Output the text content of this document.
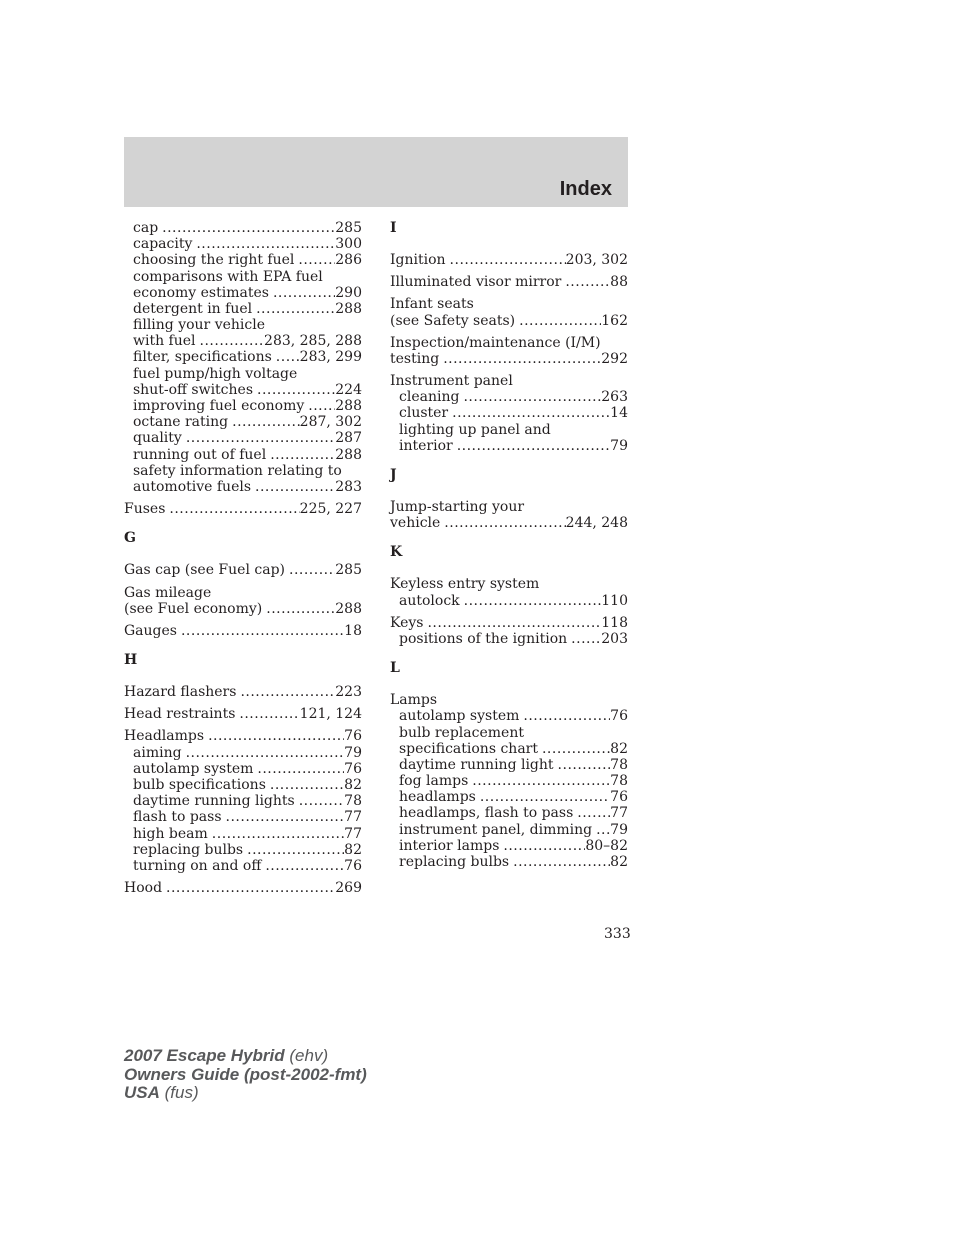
Index
cap .....	285
capacity .....	300
choosing the right fuel .....	286
comparisons with EPA fuel
economy estimates .....	290
detergent in fuel .....	288
filling your vehicle
with fuel .....	283, 285, 288
filter, specifications ..... 283, 299
fuel pump/high voltage
shut-off switches .....	224
improving fuel economy ..... 288
octane rating .....	287, 302
quality .....	287
running out of fuel .....	288
safety information relating to
automotive fuels .....	283
Fuses .....	225, 227
G
Gas cap (see Fuel cap) .....	285
Gas mileage
(see Fuel economy) .....	288
Gauges .....	18
H
Hazard flashers .....	223
Head restraints .....	121, 124
Headlamps .....	76
aiming .....	79
autolamp system .....	76
bulb specifications .....	82
daytime running lights .....	78
flash to pass .....	77
high beam .....	77
replacing bulbs .....	82
turning on and off .....	76
Hood .....	269
I
Ignition .....	203, 302
Illuminated visor mirror .....	88
Infant seats
(see Safety seats) .....	162
Inspection/maintenance (I/M)
testing .....	292
Instrument panel
cleaning .....	263
cluster .....	14
lighting up panel and
interior .....	79
J
Jump-starting your
vehicle .....	244, 248
K
Keyless entry system
autolock .....	110
Keys .....	118
positions of the ignition ..... 203
L
Lamps
autolamp system .....	76
bulb replacement
specifications chart .....	82
daytime running light .....	78
fog lamps .....	78
headlamps .....	76
headlamps, flash to pass .....	77
instrument panel, dimming ..... 79
interior lamps .....	80–82
replacing bulbs .....	82
333
2007 Escape Hybrid (ehv)
Owners Guide (post-2002-fmt)
USA (fus)
